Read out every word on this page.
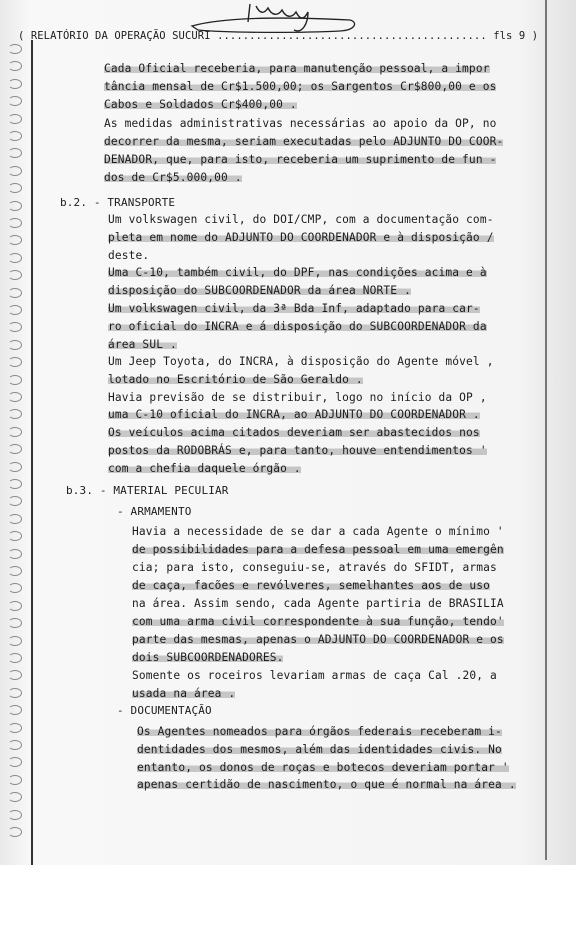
( RELATÓRIO DA OPERAÇÃO SUCURI .......................................... fls 9 )
Cada Oficial receberia, para manutenção pessoal, a impor
tância mensal de Cr$1.500,00; os Sargentos Cr$800,00 e os
Cabos e Soldados Cr$400,00 .
As medidas administrativas necessárias ao apoio da OP, no
decorrer da mesma, seriam executadas pelo ADJUNTO DO COOR-
DENADOR, que, para isto, receberia um suprimento de fun -
dos de Cr$5.000,00 .
b.2. - TRANSPORTE
Um volkswagen civil, do DOI/CMP, com a documentação com-
pleta em nome do ADJUNTO DO COORDENADOR e à disposição /
deste.
Uma C-10, também civil, do DPF, nas condições acima e à
disposição do SUBCOORDENADOR da área NORTE .
Um volkswagen civil, da 3ª Bda Inf, adaptado para car-
ro oficial do INCRA e á disposição do SUBCOORDENADOR da
área SUL .
Um Jeep Toyota, do INCRA, à disposição do Agente móvel ,
lotado no Escritório de São Geraldo .
Havia previsão de se distribuir, logo no início da OP ,
uma C-10 oficial do INCRA, ao ADJUNTO DO COORDENADOR .
Os veículos acima citados deveriam ser abastecidos nos
postos da RODOBRÁS e, para tanto, houve entendimentos '
com a chefia daquele órgão .
b.3. - MATERIAL PECULIAR
- ARMAMENTO
Havia a necessidade de se dar a cada Agente o mínimo '
de possibilidades para a defesa pessoal em uma emergên
cia; para isto, conseguiu-se, através do SFIDT, armas
de caça, facões e revólveres, semelhantes aos de uso
na área. Assim sendo, cada Agente partiria de BRASILIA
com uma arma civil correspondente à sua função, tendo'
parte das mesmas, apenas o ADJUNTO DO COORDENADOR e os
dois SUBCOORDENADORES.
Somente os roceiros levariam armas de caça Cal .20, a
usada na área .
- DOCUMENTAÇÃO
Os Agentes nomeados para órgãos federais receberam i-
dentidades dos mesmos, além das identidades civis. No
entanto, os donos de roças e botecos deveriam portar '
apenas certidão de nascimento, o que é normal na área .
